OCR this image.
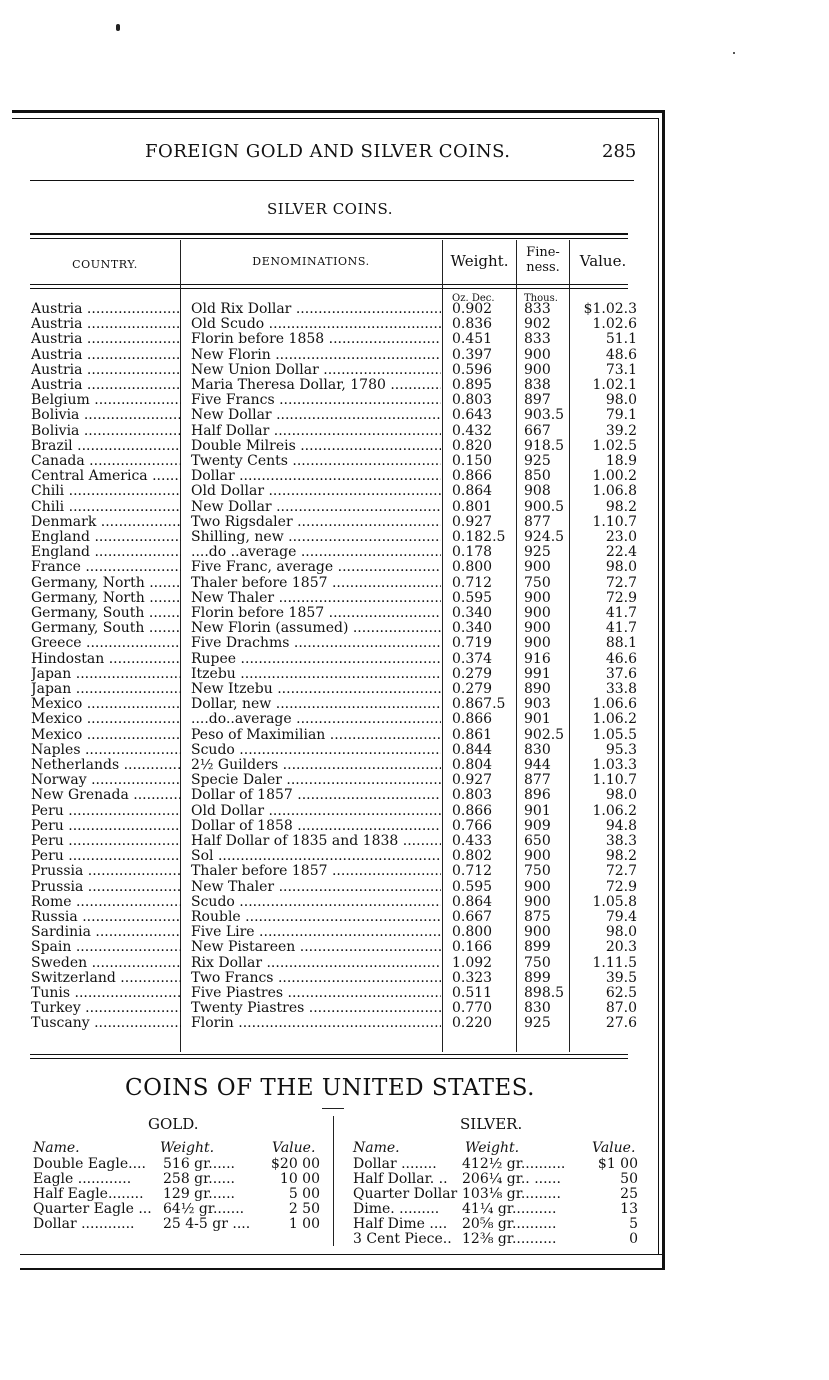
FOREIGN GOLD AND SILVER COINS.	285
SILVER COINS.
COUNTRY.	DENOMINATIONS.	Weight.	Fine-
ness.	Value.
Oz. Dec.	Thous.
Austria .....	Old Rix Dollar .....	0.902	833	$1.02.3
Austria .....	Old Scudo .....	0.836	902	1.02.6
Austria .....	Florin before 1858 .....	0.451	833	51.1
Austria .....	New Florin .....	0.397	900	48.6
Austria .....	New Union Dollar .....	0.596	900	73.1
Austria .....	Maria Theresa Dollar, 1780 .....	0.895	838	1.02.1
Belgium .....	Five Francs .....	0.803	897	98.0
Bolivia .....	New Dollar .....	0.643	903.5	79.1
Bolivia .....	Half Dollar .....	0.432	667	39.2
Brazil .....	Double Milreis .....	0.820	918.5	1.02.5
Canada .....	Twenty Cents .....	0.150	925	18.9
Central America .....	Dollar .....	0.866	850	1.00.2
Chili .....	Old Dollar .....	0.864	908	1.06.8
Chili .....	New Dollar .....	0.801	900.5	98.2
Denmark .....	Two Rigsdaler .....	0.927	877	1.10.7
England .....	Shilling, new .....	0.182.5	924.5	23.0
England .....	....do ..average .....	0.178	925	22.4
France .....	Five Franc, average .....	0.800	900	98.0
Germany, North .....	Thaler before 1857 .....	0.712	750	72.7
Germany, North .....	New Thaler .....	0.595	900	72.9
Germany, South .....	Florin before 1857 .....	0.340	900	41.7
Germany, South .....	New Florin (assumed) .....	0.340	900	41.7
Greece .....	Five Drachms .....	0.719	900	88.1
Hindostan .....	Rupee .....	0.374	916	46.6
Japan .....	Itzebu .....	0.279	991	37.6
Japan .....	New Itzebu .....	0.279	890	33.8
Mexico .....	Dollar, new .....	0.867.5	903	1.06.6
Mexico .....	....do..average .....	0.866	901	1.06.2
Mexico .....	Peso of Maximilian .....	0.861	902.5	1.05.5
Naples .....	Scudo .....	0.844	830	95.3
Netherlands .....	2½ Guilders .....	0.804	944	1.03.3
Norway .....	Specie Daler .....	0.927	877	1.10.7
New Grenada .....	Dollar of 1857 .....	0.803	896	98.0
Peru .....	Old Dollar .....	0.866	901	1.06.2
Peru .....	Dollar of 1858 .....	0.766	909	94.8
Peru .....	Half Dollar of 1835 and 1838 .....	0.433	650	38.3
Peru .....	Sol .....	0.802	900	98.2
Prussia .....	Thaler before 1857 .....	0.712	750	72.7
Prussia .....	New Thaler .....	0.595	900	72.9
Rome .....	Scudo .....	0.864	900	1.05.8
Russia .....	Rouble .....	0.667	875	79.4
Sardinia .....	Five Lire .....	0.800	900	98.0
Spain .....	New Pistareen .....	0.166	899	20.3
Sweden .....	Rix Dollar .....	1.092	750	1.11.5
Switzerland .....	Two Francs .....	0.323	899	39.5
Tunis .....	Five Piastres .....	0.511	898.5	62.5
Turkey .....	Twenty Piastres .....	0.770	830	87.0
Tuscany .....	Florin .....	0.220	925	27.6
COINS OF THE UNITED STATES.
GOLD.	SILVER.
Name.	Weight.	Value.	Name.	Weight.	Value.
Double Eagle.... 516 gr......	$20 00
Eagle ............ 258 gr......	10 00
Half Eagle........ 129 gr......	5 00
Quarter Eagle ... 64½ gr.......	2 50
Dollar ............ 25 4-5 gr ....	1 00
Dollar ........ 412½ gr..........	$1 00
Half Dollar. .. 206¼ gr.. ......	50
Quarter Dollar 103⅛ gr.........	25
Dime. ......... 41¼ gr..........	13
Half Dime .... 20⅝ gr..........	5
3 Cent Piece.. 12⅜ gr..........	0
